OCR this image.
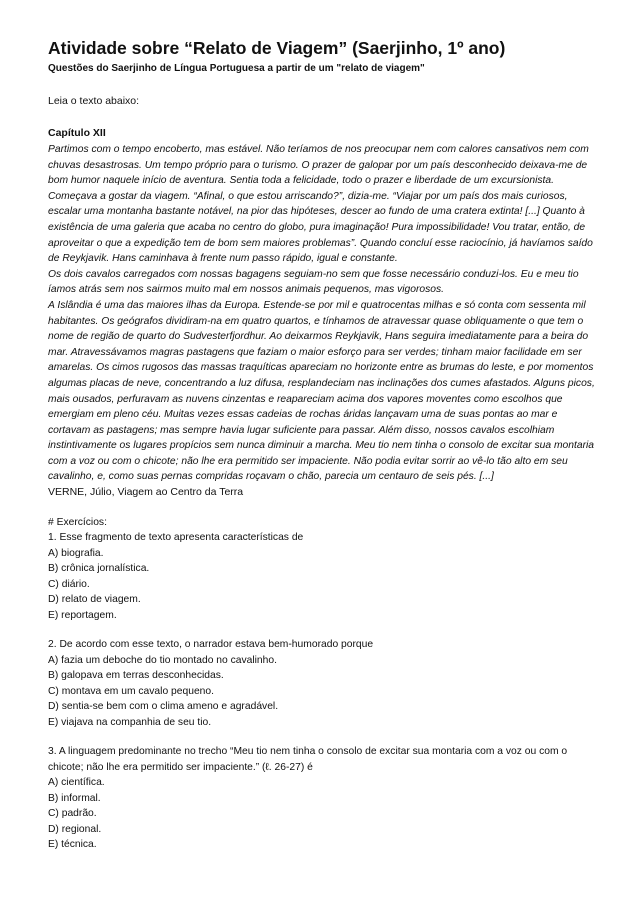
Atividade sobre “Relato de Viagem” (Saerjinho, 1º ano)
Questões do Saerjinho de Língua Portuguesa a partir de um "relato de viagem"
Leia o texto abaixo:
Capítulo XII

Partimos com o tempo encoberto, mas estável. Não teríamos de nos preocupar nem com calores cansativos nem com chuvas desastrosas. Um tempo próprio para o turismo. O prazer de galopar por um país desconhecido deixava-me de bom humor naquele início de aventura. Sentia toda a felicidade, todo o prazer e liberdade de um excursionista. Começava a gostar da viagem. “Afinal, o que estou arriscando?”, dizia-me. “Viajar por um país dos mais curiosos, escalar uma montanha bastante notável, na pior das hipóteses, descer ao fundo de uma cratera extinta! [...] Quanto à existência de uma galeria que acaba no centro do globo, pura imaginação! Pura impossibilidade! Vou tratar, então, de aproveitar o que a expedição tem de bom sem maiores problemas”. Quando concluí esse raciocínio, já havíamos saído de Reykjavik. Hans caminhava à frente num passo rápido, igual e constante.

Os dois cavalos carregados com nossas bagagens seguiam-no sem que fosse necessário conduzi-los. Eu e meu tio íamos atrás sem nos sairmos muito mal em nossos animais pequenos, mas vigorosos.

A Islândia é uma das maiores ilhas da Europa. Estende-se por mil e quatrocentas milhas e só conta com sessenta mil habitantes. Os geógrafos dividiram-na em quatro quartos, e tínhamos de atravessar quase obliquamente o que tem o nome de região de quarto do Sudvesterfjordhur. Ao deixarmos Reykjavik, Hans seguira imediatamente para a beira do mar. Atravessávamos magras pastagens que faziam o maior esforço para ser verdes; tinham maior facilidade em ser amarelas. Os cimos rugosos das massas traquíticas apareciam no horizonte entre as brumas do leste, e por momentos algumas placas de neve, concentrando a luz difusa, resplandeciam nas inclinações dos cumes afastados. Alguns picos, mais ousados, perfuravam as nuvens cinzentas e reapareciam acima dos vapores moventes como escolhos que emergiam em pleno céu. Muitas vezes essas cadeias de rochas áridas lançavam uma de suas pontas ao mar e cortavam as pastagens; mas sempre havia lugar suficiente para passar. Além disso, nossos cavalos escolhiam instintivamente os lugares propícios sem nunca diminuir a marcha. Meu tio nem tinha o consolo de excitar sua montaria com a voz ou com o chicote; não lhe era permitido ser impaciente. Não podia evitar sorrir ao vê-lo tão alto em seu cavalinho, e, como suas pernas compridas roçavam o chão, parecia um centauro de seis pés. [...]

VERNE, Júlio, Viagem ao Centro da Terra

# Exercícios:

1. Esse fragmento de texto apresenta características de

A) biografia.
B) crônica jornalística.
C) diário.
D) relato de viagem.
E) reportagem.

2. De acordo com esse texto, o narrador estava bem-humorado porque

A) fazia um deboche do tio montado no cavalinho.
B) galopava em terras desconhecidas.
C) montava em um cavalo pequeno.
D) sentia-se bem com o clima ameno e agradável.
E) viajava na companhia de seu tio.

3. A linguagem predominante no trecho “Meu tio nem tinha o consolo de excitar sua montaria com a voz ou com o chicote; não lhe era permitido ser impaciente.” (ℓ. 26-27) é

A) científica.
B) informal.
C) padrão.
D) regional.
E) técnica.
